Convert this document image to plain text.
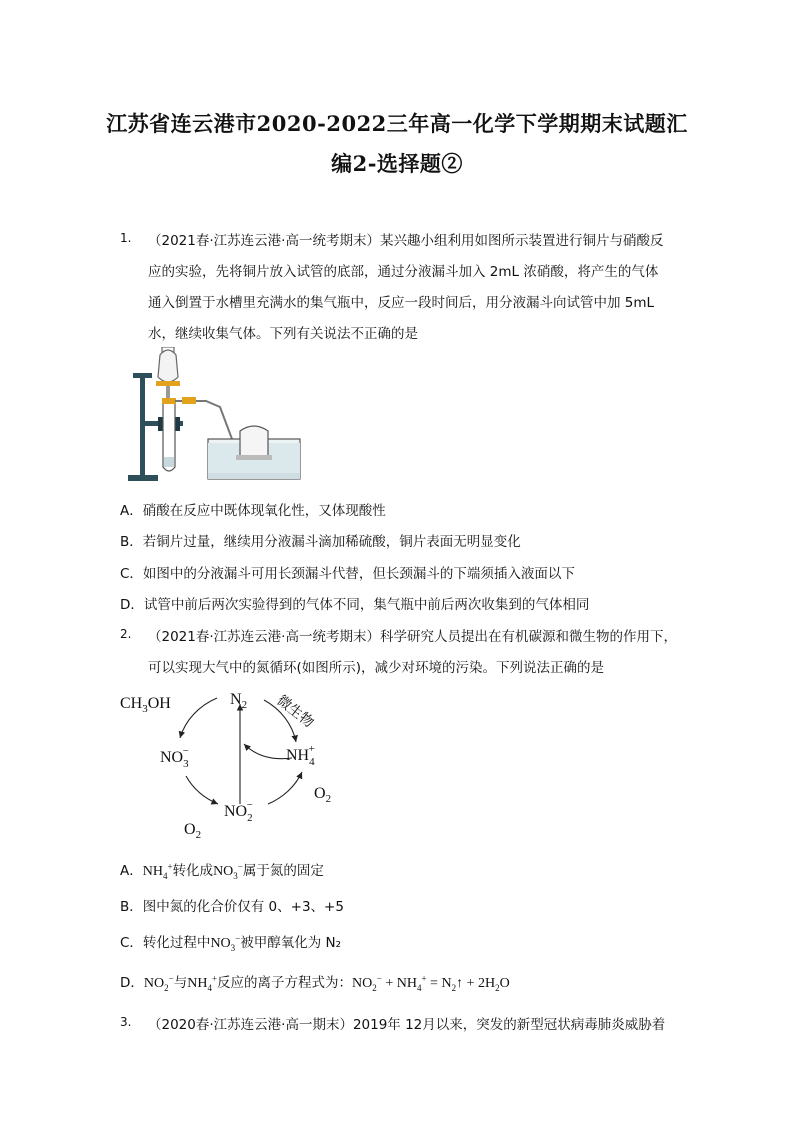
江苏省连云港市2020-2022三年高一化学下学期期末试题汇
编2-选择题②
1. （2021春·江苏连云港·高一统考期末）某兴趣小组利用如图所示装置进行铜片与硝酸反
应的实验，先将铜片放入试管的底部，通过分液漏斗加入 2mL 浓硝酸，将产生的气体
通入倒置于水槽里充满水的集气瓶中，反应一段时间后，用分液漏斗向试管中加 5mL
水，继续收集气体。下列有关说法不正确的是
A．硝酸在反应中既体现氧化性，又体现酸性
B．若铜片过量，继续用分液漏斗滴加稀硫酸，铜片表面无明显变化
C．如图中的分液漏斗可用长颈漏斗代替，但长颈漏斗的下端须插入液面以下
D．试管中前后两次实验得到的气体不同，集气瓶中前后两次收集到的气体相同
2. （2021春·江苏连云港·高一统考期末）科学研究人员提出在有机碳源和微生物的作用下，
可以实现大气中的氮循环(如图所示)，减少对环境的污染。下列说法正确的是
$CH_3OH$	$N_2$
$NO_3-$	$NH_4+$
$NO_2-$
$O_2$
$O_2$
微生物
A．$NH_4^+$转化成$NO_3^-$属于氮的固定
B．图中氮的化合价仅有 0、+3、+5
C．转化过程中$NO_3^-$被甲醇氧化为 N₂
D．$NO_2^-$与$NH_4^+$反应的离子方程式为：$NO_2^- + NH_4^+$ = $N_2↑ + 2H_2O$
3. （2020春·江苏连云港·高一期末）2019年 12月以来，突发的新型冠状病毒肺炎威胁着
